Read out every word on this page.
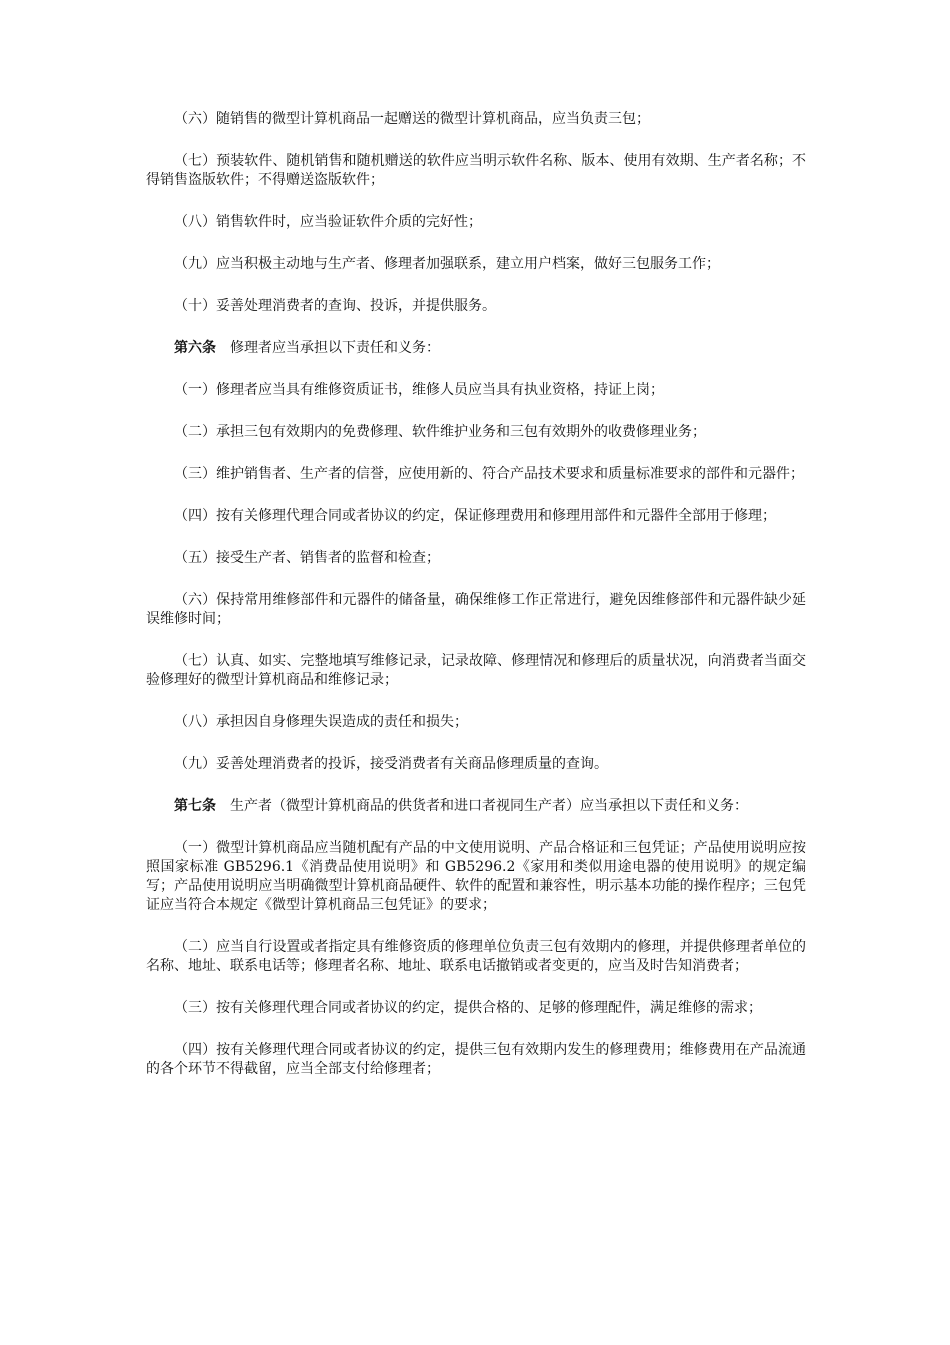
（六）随销售的微型计算机商品一起赠送的微型计算机商品，应当负责三包；

（七）预装软件、随机销售和随机赠送的软件应当明示软件名称、版本、使用有效期、生产者名称；不得销售盗版软件；不得赠送盗版软件；

（八）销售软件时，应当验证软件介质的完好性；

（九）应当积极主动地与生产者、修理者加强联系，建立用户档案，做好三包服务工作；

（十）妥善处理消费者的查询、投诉，并提供服务。

第六条 修理者应当承担以下责任和义务：

（一）修理者应当具有维修资质证书，维修人员应当具有执业资格，持证上岗；

（二）承担三包有效期内的免费修理、软件维护业务和三包有效期外的收费修理业务；

（三）维护销售者、生产者的信誉，应使用新的、符合产品技术要求和质量标准要求的部件和元器件；

（四）按有关修理代理合同或者协议的约定，保证修理费用和修理用部件和元器件全部用于修理；

（五）接受生产者、销售者的监督和检查；

（六）保持常用维修部件和元器件的储备量，确保维修工作正常进行，避免因维修部件和元器件缺少延误维修时间；

（七）认真、如实、完整地填写维修记录，记录故障、修理情况和修理后的质量状况，向消费者当面交验修理好的微型计算机商品和维修记录；

（八）承担因自身修理失误造成的责任和损失；

（九）妥善处理消费者的投诉，接受消费者有关商品修理质量的查询。

第七条 生产者（微型计算机商品的供货者和进口者视同生产者）应当承担以下责任和义务：

（一）微型计算机商品应当随机配有产品的中文使用说明、产品合格证和三包凭证；产品使用说明应按照国家标准 GB5296.1《消费品使用说明》和 GB5296.2《家用和类似用途电器的使用说明》的规定编写；产品使用说明应当明确微型计算机商品硬件、软件的配置和兼容性，明示基本功能的操作程序；三包凭证应当符合本规定《微型计算机商品三包凭证》的要求；

（二）应当自行设置或者指定具有维修资质的修理单位负责三包有效期内的修理，并提供修理者单位的名称、地址、联系电话等；修理者名称、地址、联系电话撤销或者变更的，应当及时告知消费者；

（三）按有关修理代理合同或者协议的约定，提供合格的、足够的修理配件，满足维修的需求；

（四）按有关修理代理合同或者协议的约定，提供三包有效期内发生的修理费用；维修费用在产品流通的各个环节不得截留，应当全部支付给修理者；
